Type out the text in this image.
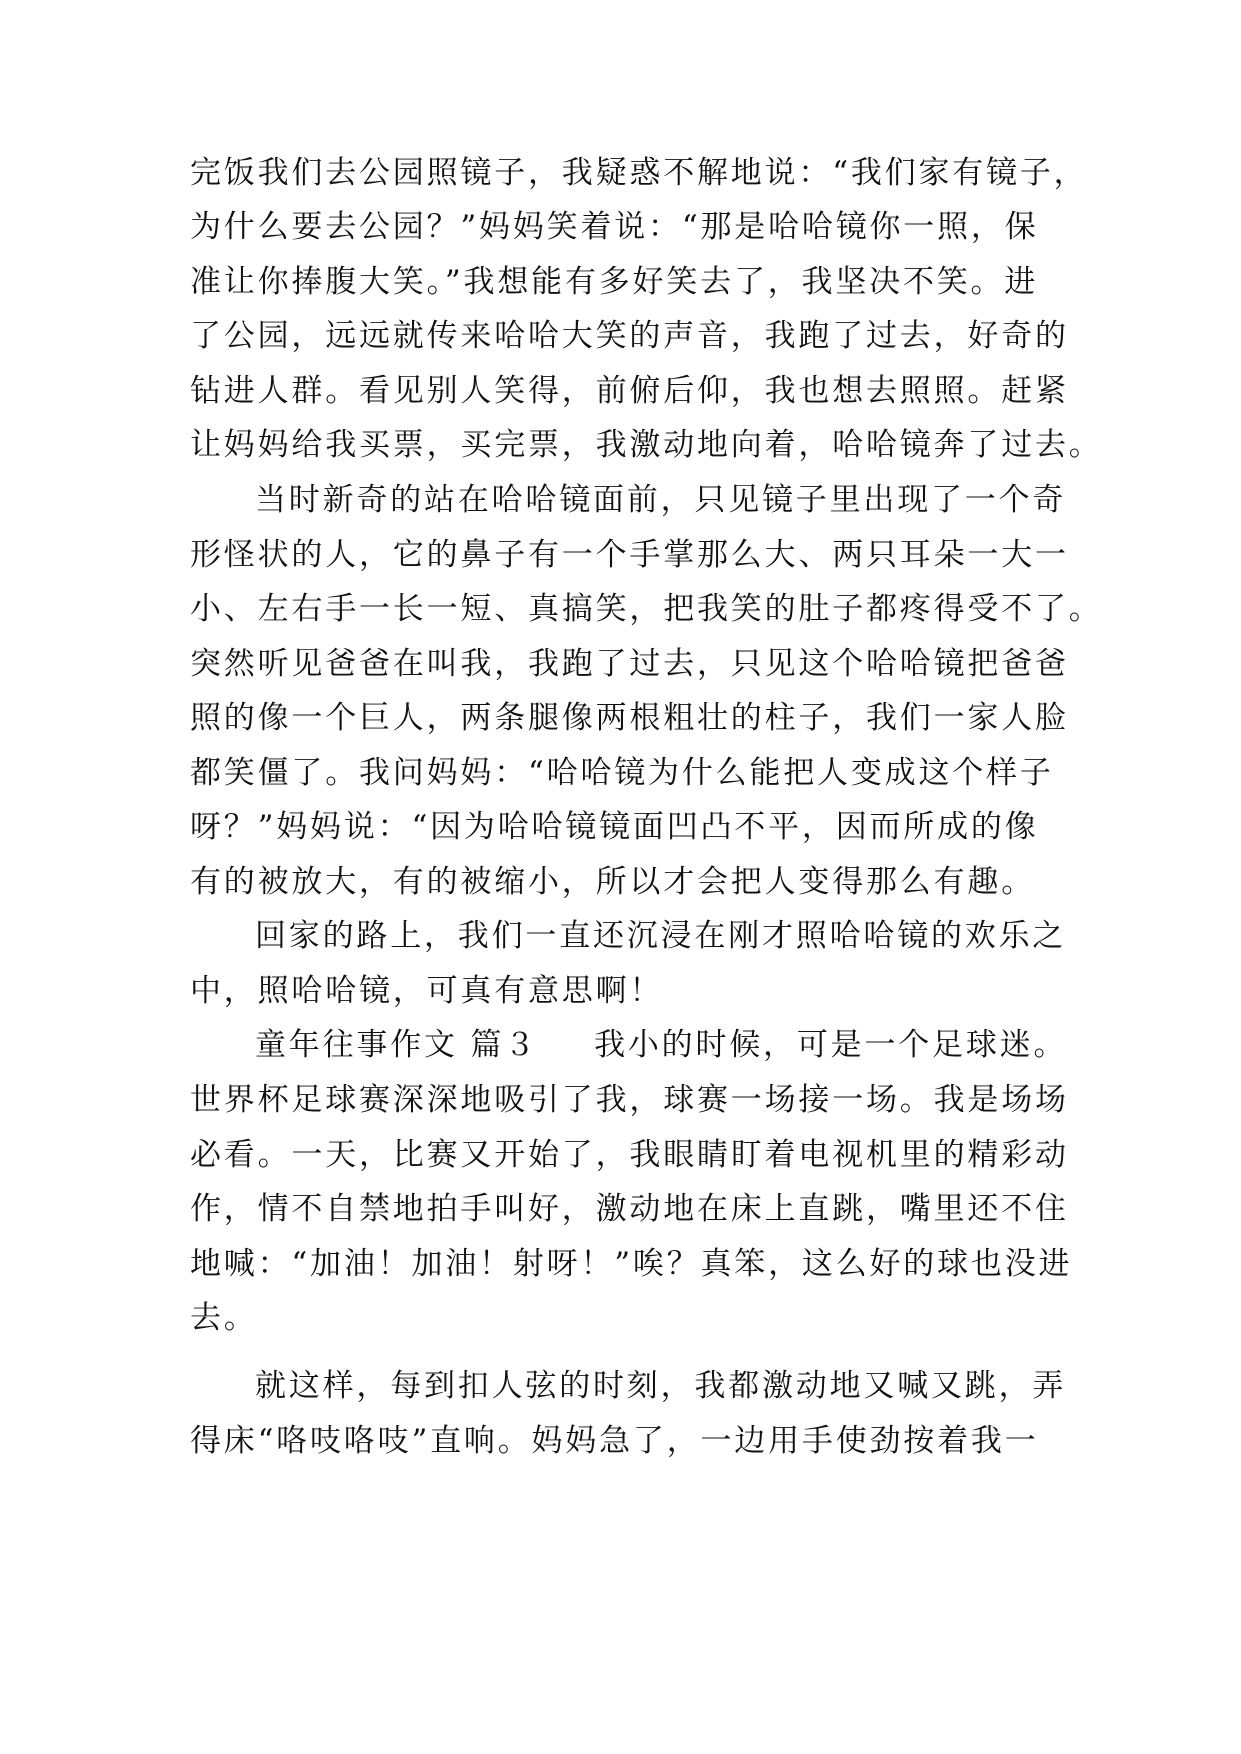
完饭我们去公园照镜子，我疑惑不解地说：“我们家有镜子，
为什么要去公园？”妈妈笑着说：“那是哈哈镜你一照，保
准让你捧腹大笑。”我想能有多好笑去了，我坚决不笑。进
了公园，远远就传来哈哈大笑的声音，我跑了过去，好奇的
钻进人群。看见别人笑得，前俯后仰，我也想去照照。赶紧
让妈妈给我买票，买完票，我激动地向着，哈哈镜奔了过去。
当时新奇的站在哈哈镜面前，只见镜子里出现了一个奇
形怪状的人，它的鼻子有一个手掌那么大、两只耳朵一大一
小、左右手一长一短、真搞笑，把我笑的肚子都疼得受不了。
突然听见爸爸在叫我，我跑了过去，只见这个哈哈镜把爸爸
照的像一个巨人，两条腿像两根粗壮的柱子，我们一家人脸
都笑僵了。我问妈妈：“哈哈镜为什么能把人变成这个样子
呀？”妈妈说：“因为哈哈镜镜面凹凸不平，因而所成的像
有的被放大，有的被缩小，所以才会把人变得那么有趣。
回家的路上，我们一直还沉浸在刚才照哈哈镜的欢乐之
中，照哈哈镜，可真有意思啊！
童年往事作文 篇３ 我小的时候，可是一个足球迷。
世界杯足球赛深深地吸引了我，球赛一场接一场。我是场场
必看。一天，比赛又开始了，我眼睛盯着电视机里的精彩动
作，情不自禁地拍手叫好，激动地在床上直跳，嘴里还不住
地喊：“加油！加油！射呀！”唉？真笨，这么好的球也没进
去。
就这样，每到扣人弦的时刻，我都激动地又喊又跳，弄
得床“咯吱咯吱”直响。妈妈急了，一边用手使劲按着我一
